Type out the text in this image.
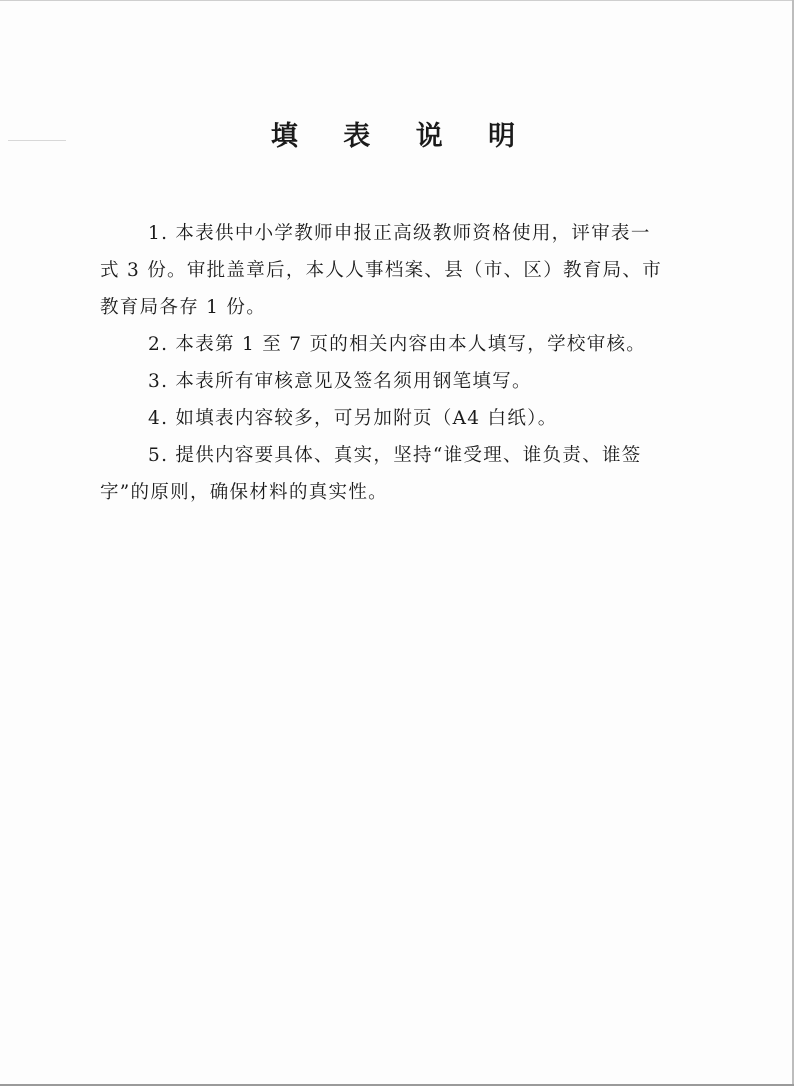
填 表 说 明
1. 本表供中小学教师申报正高级教师资格使用，评审表一
式 3 份。审批盖章后，本人人事档案、县（市、区）教育局、市
教育局各存 1 份。
2. 本表第 1 至 7 页的相关内容由本人填写，学校审核。
3. 本表所有审核意见及签名须用钢笔填写。
4. 如填表内容较多，可另加附页（A4 白纸）。
5. 提供内容要具体、真实，坚持“谁受理、谁负责、谁签
字”的原则，确保材料的真实性。
